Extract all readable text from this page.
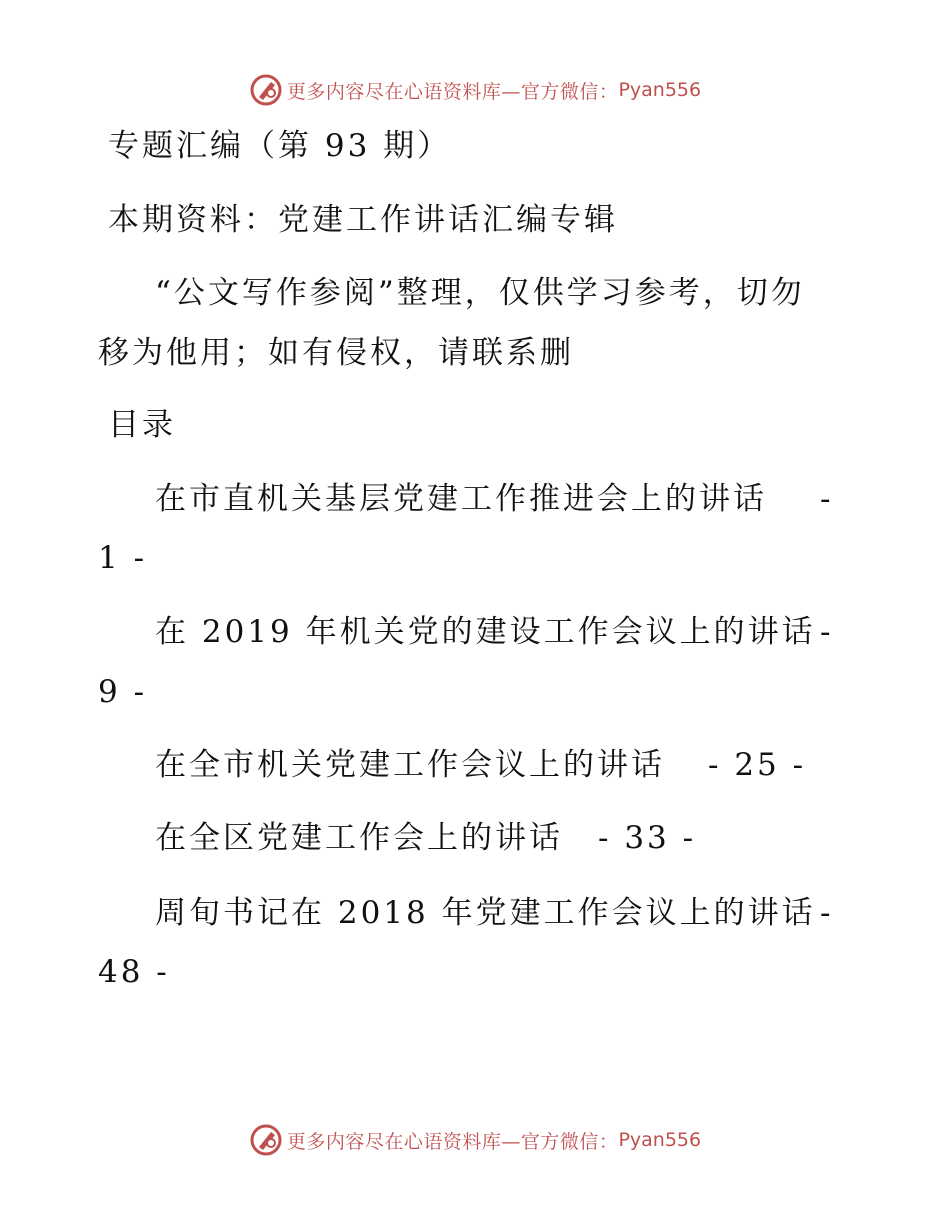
更多内容尽在心语资料库— 官方微信： Pyan556
专题汇编（第 93 期）
本期资料：党建工作讲话汇编专辑
“公文写作参阅”整理，仅供学习参考，切勿
移为他用；如有侵权，请联系删
目录
在市直机关基层党建工作推进会上的讲话 -
1 -
在 2019 年机关党的建设工作会议上的讲话 -
9 -
在全市机关党建工作会议上的讲话 - 25 -
在全区党建工作会上的讲话 - 33 -
周旬书记在 2018 年党建工作会议上的讲话 -
48 -
更多内容尽在心语资料库— 官方微信： Pyan556
